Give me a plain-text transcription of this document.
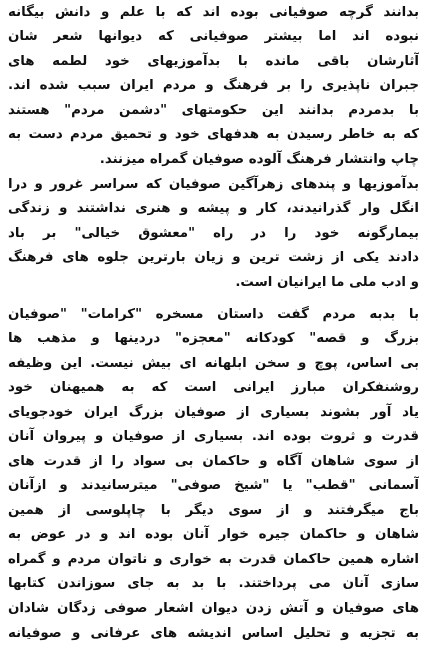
بدانند گرچه صوفیانی بوده اند که با علم و دانش بیگانه
نبوده اند اما بیشتر صوفیانی که دیوانها شعر شان
آثارشان باقی مانده با بدآموزیهای خود لطمه های
جبران ناپذیری را بر فرهنگ و مردم ایران سبب شده اند.
با بدمردم بدانند این حکومتهای "دشمن مردم" هستند
که به خاطر رسیدن به هدفهای خود و تحمیق مردم دست به
چاپ وانتشار فرهنگ آلوده صوفیان گمراه میزنند.
بدآموزیها و پندهای زهرآگین صوفیان که سراسر غرور و درا
انگل وار گذرانیدند، کار و پیشه و هنری نداشتند و زندگی
بیمارگونه خود را در راه "معشوق خیالی" بر باد
دادند یکی از زشت ترین و زیان بارترین جلوه های فرهنگ
و ادب ملی ما ایرانیان است.
با بدبه مردم گفت داستان مسخره "کرامات" "صوفیان
بزرگ و قصه" کودکانه "معجزه" دردینها و مذهب ها
بی اساس، پوچ و سخن ابلهانه ای بیش نیست. این وظیفه
روشنفکران مبارز ایرانی است که به همیهنان خود
یاد آور بشوند بسیاری از صوفیان بزرگ ایران خودجویای
قدرت و ثروت بوده اند. بسیاری از صوفیان و پیروان آنان
از سوی شاهان آگاه و حاکمان بی سواد را از قدرت های
آسمانی "قطب" یا "شیخ صوفی" میترسانیدند و ازآنان
باج میگرفتند و از سوی دیگر با چاپلوسی از همین
شاهان و حاکمان جیره خوار آنان بوده اند و در عوض به
اشاره همین حاکمان قدرت به خواری و ناتوان مردم و گمراه
سازی آنان می پرداختند. با بد به جای سوزاندن کتابها
های صوفیان و آتش زدن دیوان اشعار صوفی زدگان شادان
به تجزیه و تحلیل اساس اندیشه های عرفانی و صوفیانه
